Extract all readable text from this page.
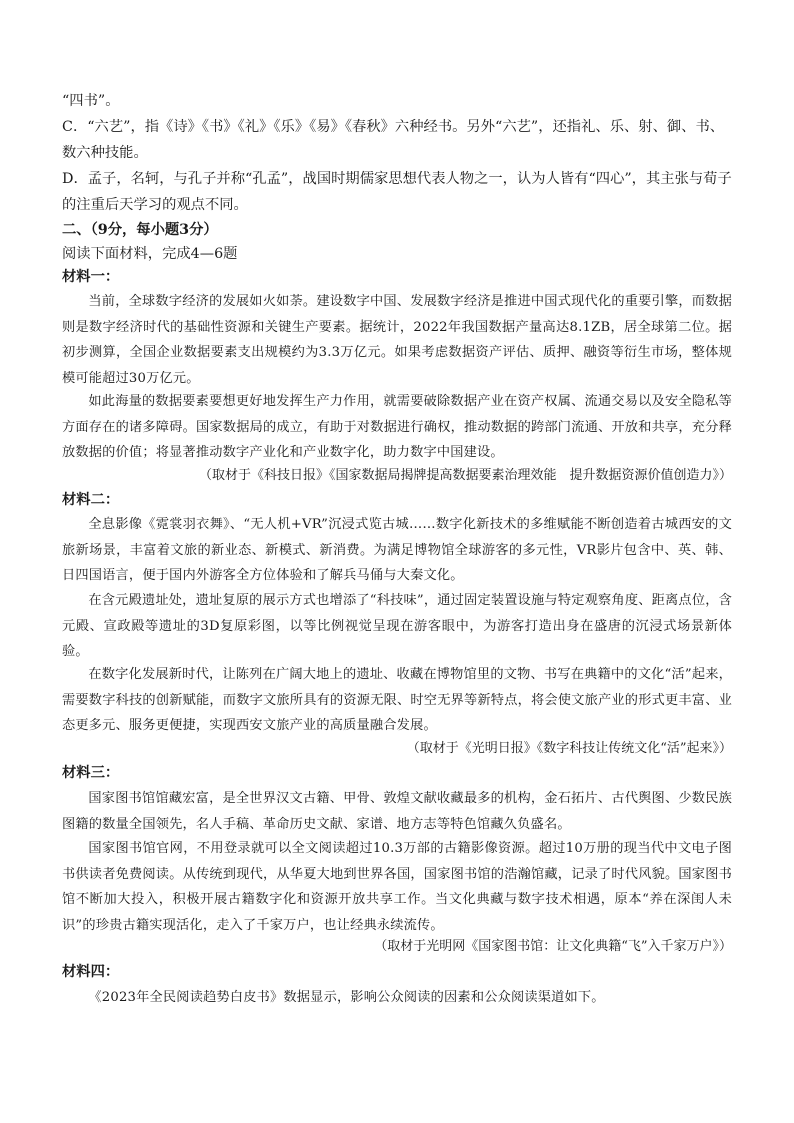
“四书”。
C．“六艺”，指《诗》《书》《礼》《乐》《易》《春秋》六种经书。另外“六艺”，还指礼、乐、射、御、书、数六种技能。
D．孟子，名轲，与孔子并称“孔孟”，战国时期儒家思想代表人物之一，认为人皆有“四心”，其主张与荀子的注重后天学习的观点不同。
二、（9分，每小题3分）
阅读下面材料，完成4—6题
材料一：

当前，全球数字经济的发展如火如荼。建设数字中国、发展数字经济是推进中国式现代化的重要引擎，而数据则是数字经济时代的基础性资源和关键生产要素。据统计，2022年我国数据产量高达8.1ZB，居全球第二位。据初步测算，全国企业数据要素支出规模约为3.3万亿元。如果考虑数据资产评估、质押、融资等衍生市场，整体规模可能超过30万亿元。

如此海量的数据要素要想更好地发挥生产力作用，就需要破除数据产业在资产权属、流通交易以及安全隐私等方面存在的诸多障碍。国家数据局的成立，有助于对数据进行确权，推动数据的跨部门流通、开放和共享，充分释放数据的价值；将显著推动数字产业化和产业数字化，助力数字中国建设。

（取材于《科技日报》《国家数据局揭牌提高数据要素治理效能　提升数据资源价值创造力》）

材料二：

全息影像《霓裳羽衣舞》、“无人机+VR”沉浸式览古城……数字化新技术的多维赋能不断创造着古城西安的文旅新场景，丰富着文旅的新业态、新模式、新消费。为满足博物馆全球游客的多元性，VR影片包含中、英、韩、日四国语言，便于国内外游客全方位体验和了解兵马俑与大秦文化。

在含元殿遗址处，遗址复原的展示方式也增添了“科技味”，通过固定装置设施与特定观察角度、距离点位，含元殿、宣政殿等遗址的3D复原彩图，以等比例视觉呈现在游客眼中，为游客打造出身在盛唐的沉浸式场景新体验。

在数字化发展新时代，让陈列在广阔大地上的遗址、收藏在博物馆里的文物、书写在典籍中的文化“活”起来，需要数字科技的创新赋能，而数字文旅所具有的资源无限、时空无界等新特点，将会使文旅产业的形式更丰富、业态更多元、服务更便捷，实现西安文旅产业的高质量融合发展。

（取材于《光明日报》《数字科技让传统文化“活”起来》）

材料三：

国家图书馆馆藏宏富，是全世界汉文古籍、甲骨、敦煌文献收藏最多的机构，金石拓片、古代舆图、少数民族图籍的数量全国领先，名人手稿、革命历史文献、家谱、地方志等特色馆藏久负盛名。

国家图书馆官网，不用登录就可以全文阅读超过10.3万部的古籍影像资源。超过10万册的现当代中文电子图书供读者免费阅读。从传统到现代，从华夏大地到世界各国，国家图书馆的浩瀚馆藏，记录了时代风貌。国家图书馆不断加大投入，积极开展古籍数字化和资源开放共享工作。当文化典藏与数字技术相遇，原本“养在深闺人未识”的珍贵古籍实现活化，走入了千家万户，也让经典永续流传。

（取材于光明网《国家图书馆：让文化典籍“飞”入千家万户》）

材料四：

《2023年全民阅读趋势白皮书》数据显示，影响公众阅读的因素和公众阅读渠道如下。
